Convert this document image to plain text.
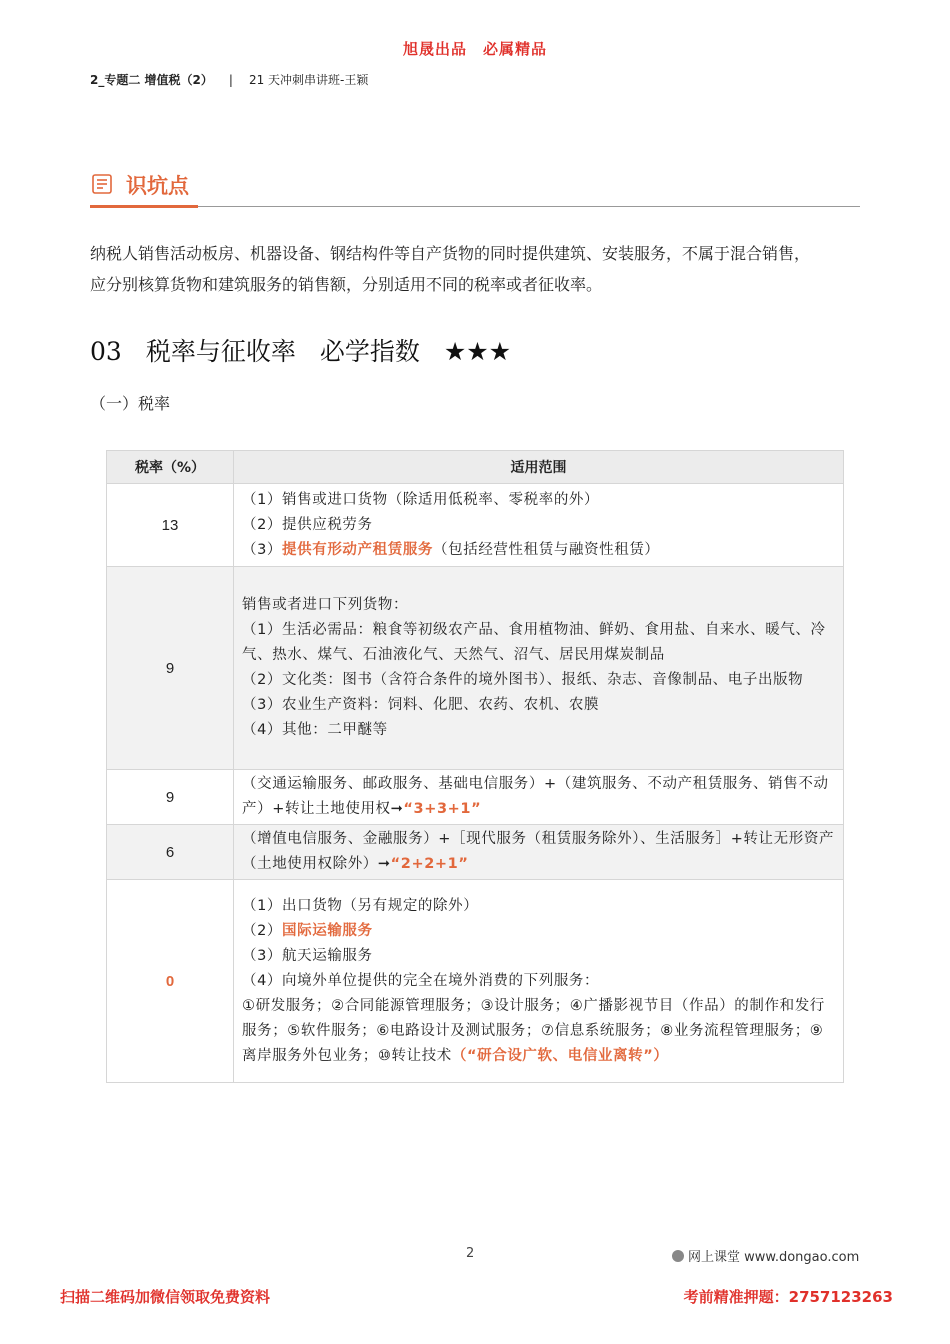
旭晟出品　必属精品
2_专题二 增值税（2） | 21 天冲刺串讲班-王颖
识坑点
纳税人销售活动板房、机器设备、钢结构件等自产货物的同时提供建筑、安装服务，不属于混合销售，
应分别核算货物和建筑服务的销售额，分别适用不同的税率或者征收率。
03 税率与征收率 必学指数 ★★★
（一）税率
税率（%）	适用范围
13	（1）销售或进口货物（除适用低税率、零税率的外）
（2）提供应税劳务
（3）提供有形动产租赁服务（包括经营性租赁与融资性租赁）

9	销售或者进口下列货物：
（1）生活必需品：粮食等初级农产品、食用植物油、鲜奶、食用盐、自来水、暖气、冷气、热水、煤气、石油液化气、天然气、沼气、居民用煤炭制品
（2）文化类：图书（含符合条件的境外图书）、报纸、杂志、音像制品、电子出版物
（3）农业生产资料：饲料、化肥、农药、农机、农膜
（4）其他：二甲醚等

9	（交通运输服务、邮政服务、基础电信服务）+（建筑服务、不动产租赁服务、销售不动产）+转让土地使用权➞“3+3+1”
6	（增值电信服务、金融服务）+［现代服务（租赁服务除外）、生活服务］+转让无形资产（土地使用权除外）➞“2+2+1”
0	（1）出口货物（另有规定的除外）
（2）国际运输服务
（3）航天运输服务
（4）向境外单位提供的完全在境外消费的下列服务：
①研发服务；②合同能源管理服务；③设计服务；④广播影视节目（作品）的制作和发行服务；⑤软件服务；⑥电路设计及测试服务；⑦信息系统服务；⑧业务流程管理服务；⑨离岸服务外包业务；⑩转让技术（“研合设广软、电信业离转”）
2	网上课堂 www.dongao.com
扫描二维码加微信领取免费资料	考前精准押题：2757123263
